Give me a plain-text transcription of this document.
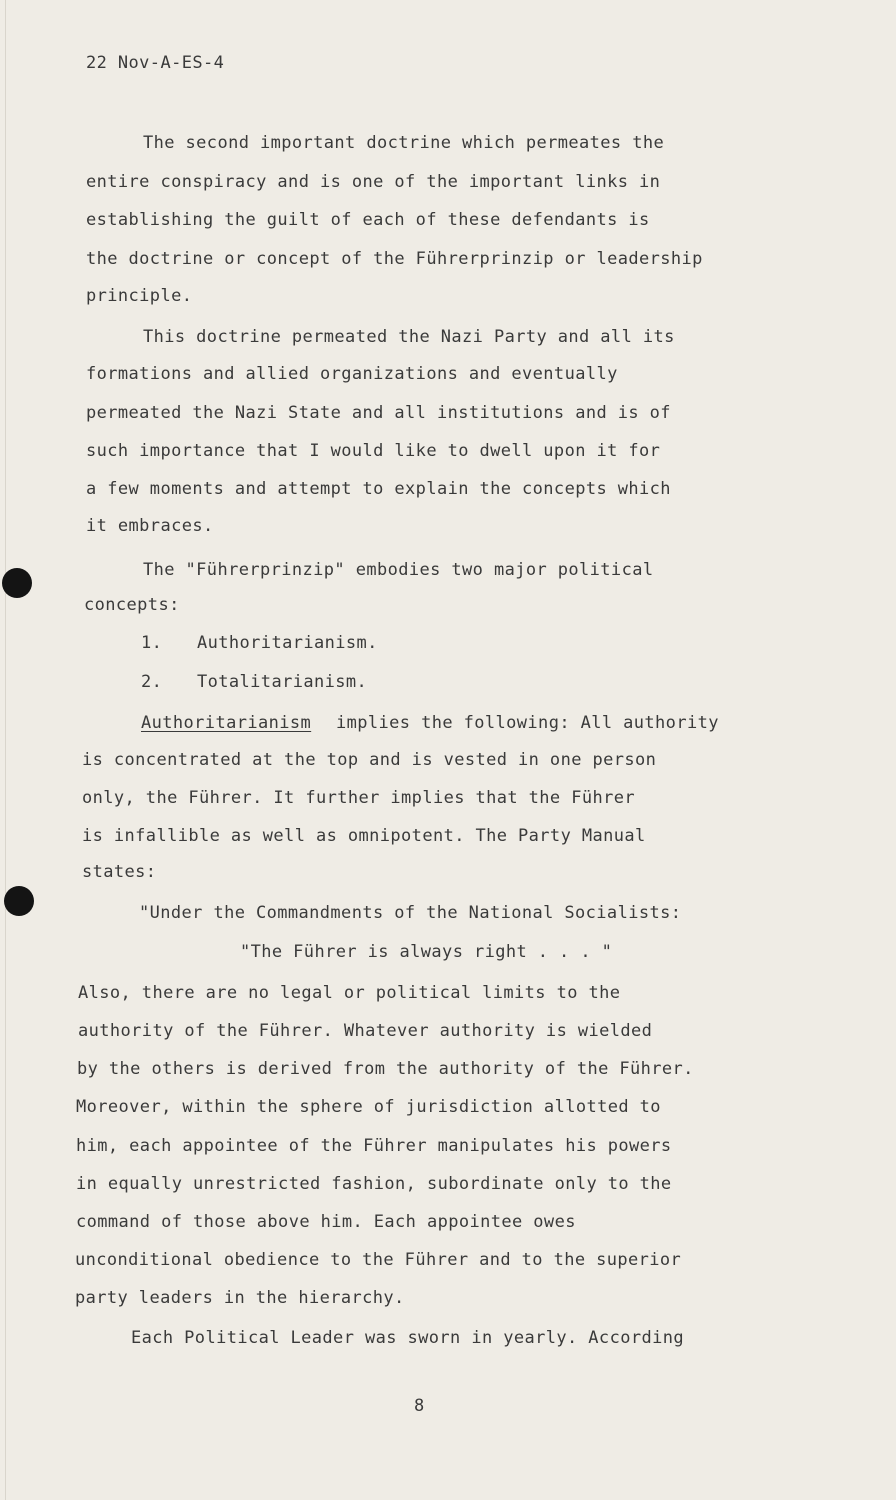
22 Nov-A-ES-4
The second important doctrine which permeates the
entire conspiracy and is one of the important links in
establishing the guilt of each of these defendants is
the doctrine or concept of the Führerprinzip or leadership
principle.
This doctrine permeated the Nazi Party and all its
formations and allied organizations and eventually
permeated the Nazi State and all institutions and is of
such importance that I would like to dwell upon it for
a few moments and attempt to explain the concepts which
it embraces.
The "Führerprinzip" embodies two major political
concepts:
1. Authoritarianism.
2. Totalitarianism.
Authoritarianism implies the following: All authority
is concentrated at the top and is vested in one person
only, the Führer. It further implies that the Führer
is infallible as well as omnipotent. The Party Manual
states:
"Under the Commandments of the National Socialists:
"The Führer is always right . . . "
Also, there are no legal or political limits to the
authority of the Führer. Whatever authority is wielded
by the others is derived from the authority of the Führer.
Moreover, within the sphere of jurisdiction allotted to
him, each appointee of the Führer manipulates his powers
in equally unrestricted fashion, subordinate only to the
command of those above him. Each appointee owes
unconditional obedience to the Führer and to the superior
party leaders in the hierarchy.
Each Political Leader was sworn in yearly. According
8
